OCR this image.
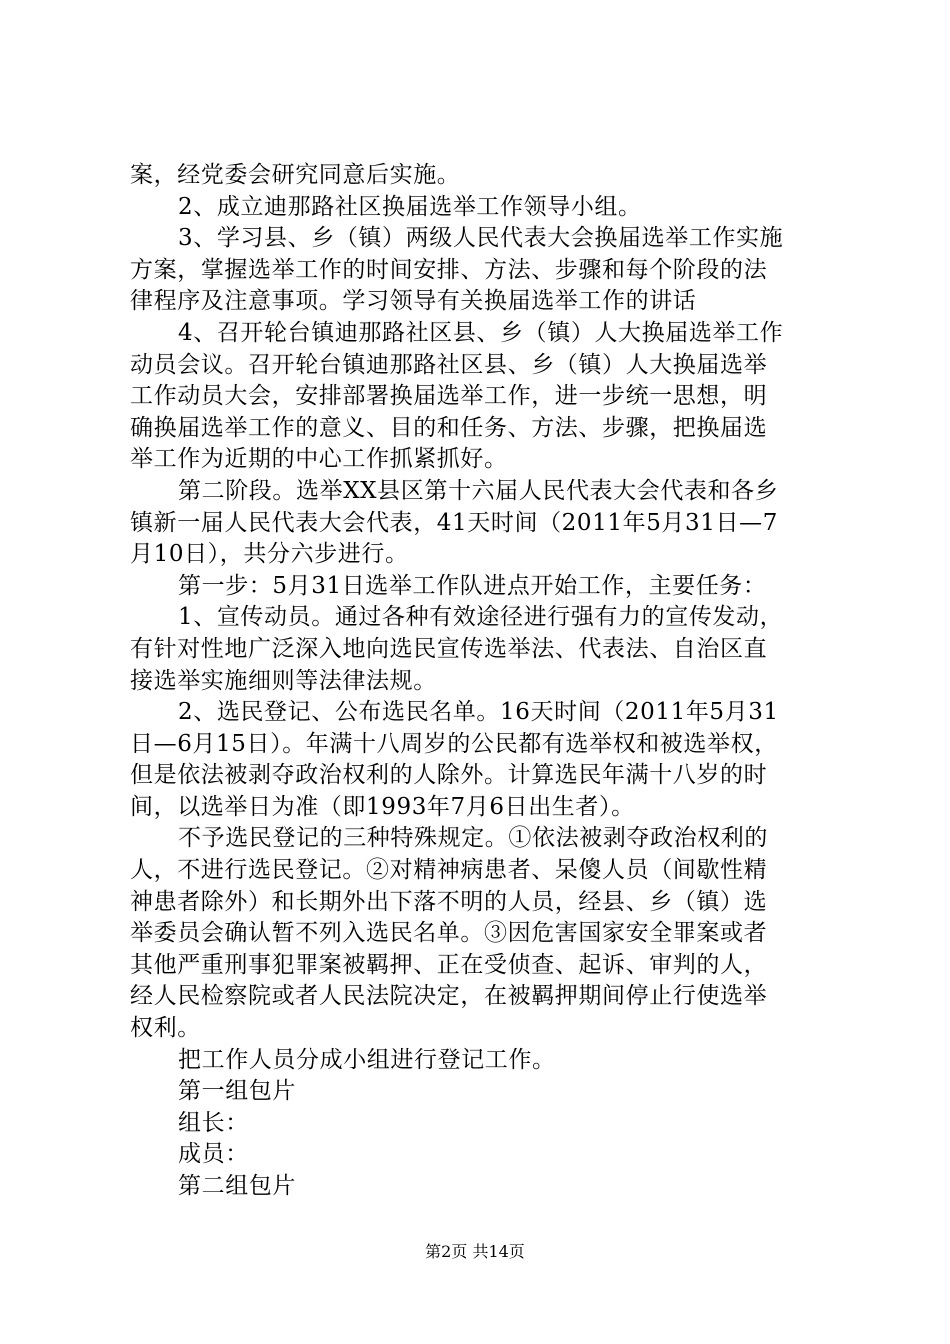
案，经党委会研究同意后实施。
2、成立迪那路社区换届选举工作领导小组。
3、学习县、乡（镇）两级人民代表大会换届选举工作实施
方案，掌握选举工作的时间安排、方法、步骤和每个阶段的法
律程序及注意事项。学习领导有关换届选举工作的讲话
4、召开轮台镇迪那路社区县、乡（镇）人大换届选举工作
动员会议。召开轮台镇迪那路社区县、乡（镇）人大换届选举
工作动员大会，安排部署换届选举工作，进一步统一思想，明
确换届选举工作的意义、目的和任务、方法、步骤，把换届选
举工作为近期的中心工作抓紧抓好。
第二阶段。选举XX县区第十六届人民代表大会代表和各乡
镇新一届人民代表大会代表，41天时间（2011年5月31日—7
月10日），共分六步进行。
第一步：5月31日选举工作队进点开始工作，主要任务：
1、宣传动员。通过各种有效途径进行强有力的宣传发动，
有针对性地广泛深入地向选民宣传选举法、代表法、自治区直
接选举实施细则等法律法规。
2、选民登记、公布选民名单。16天时间（2011年5月31
日—6月15日）。年满十八周岁的公民都有选举权和被选举权，
但是依法被剥夺政治权利的人除外。计算选民年满十八岁的时
间，以选举日为准（即1993年7月6日出生者）。
不予选民登记的三种特殊规定。①依法被剥夺政治权利的
人，不进行选民登记。②对精神病患者、呆傻人员（间歇性精
神患者除外）和长期外出下落不明的人员，经县、乡（镇）选
举委员会确认暂不列入选民名单。③因危害国家安全罪案或者
其他严重刑事犯罪案被羁押、正在受侦查、起诉、审判的人，
经人民检察院或者人民法院决定，在被羁押期间停止行使选举
权利。
把工作人员分成小组进行登记工作。
第一组包片
组长：
成员：
第二组包片
第2页 共14页
